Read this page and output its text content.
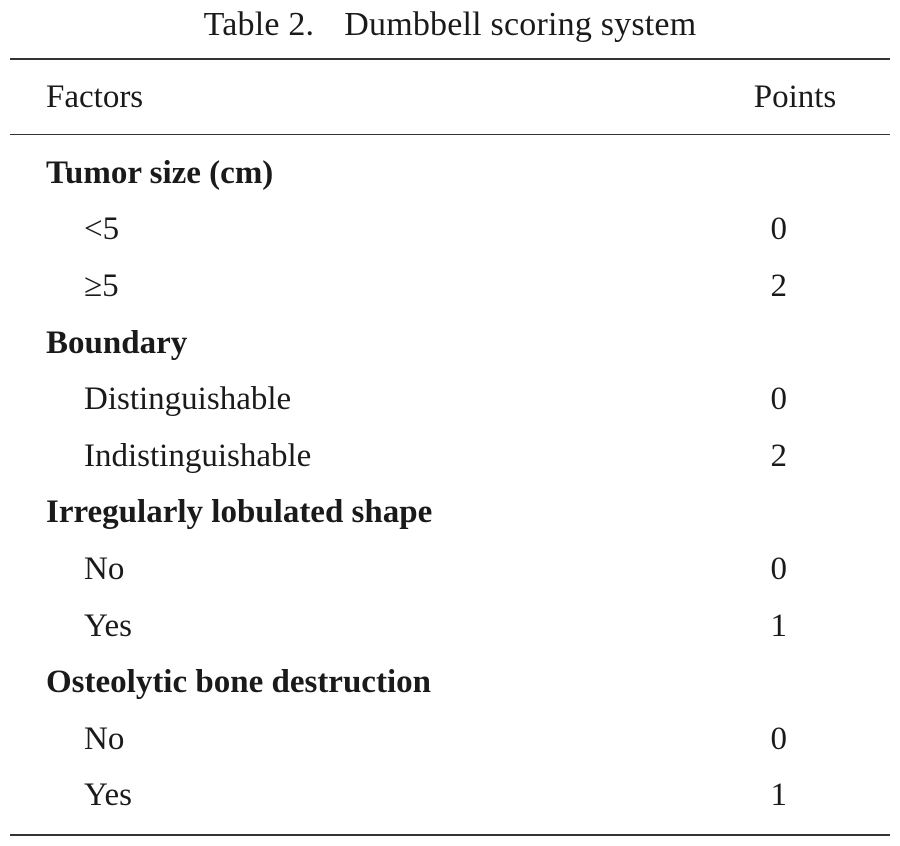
Table 2. Dumbbell scoring system
Factors	Points
Tumor size (cm)
<5	0
≥5	2
Boundary
Distinguishable	0
Indistinguishable	2
Irregularly lobulated shape
No	0
Yes	1
Osteolytic bone destruction
No	0
Yes	1
